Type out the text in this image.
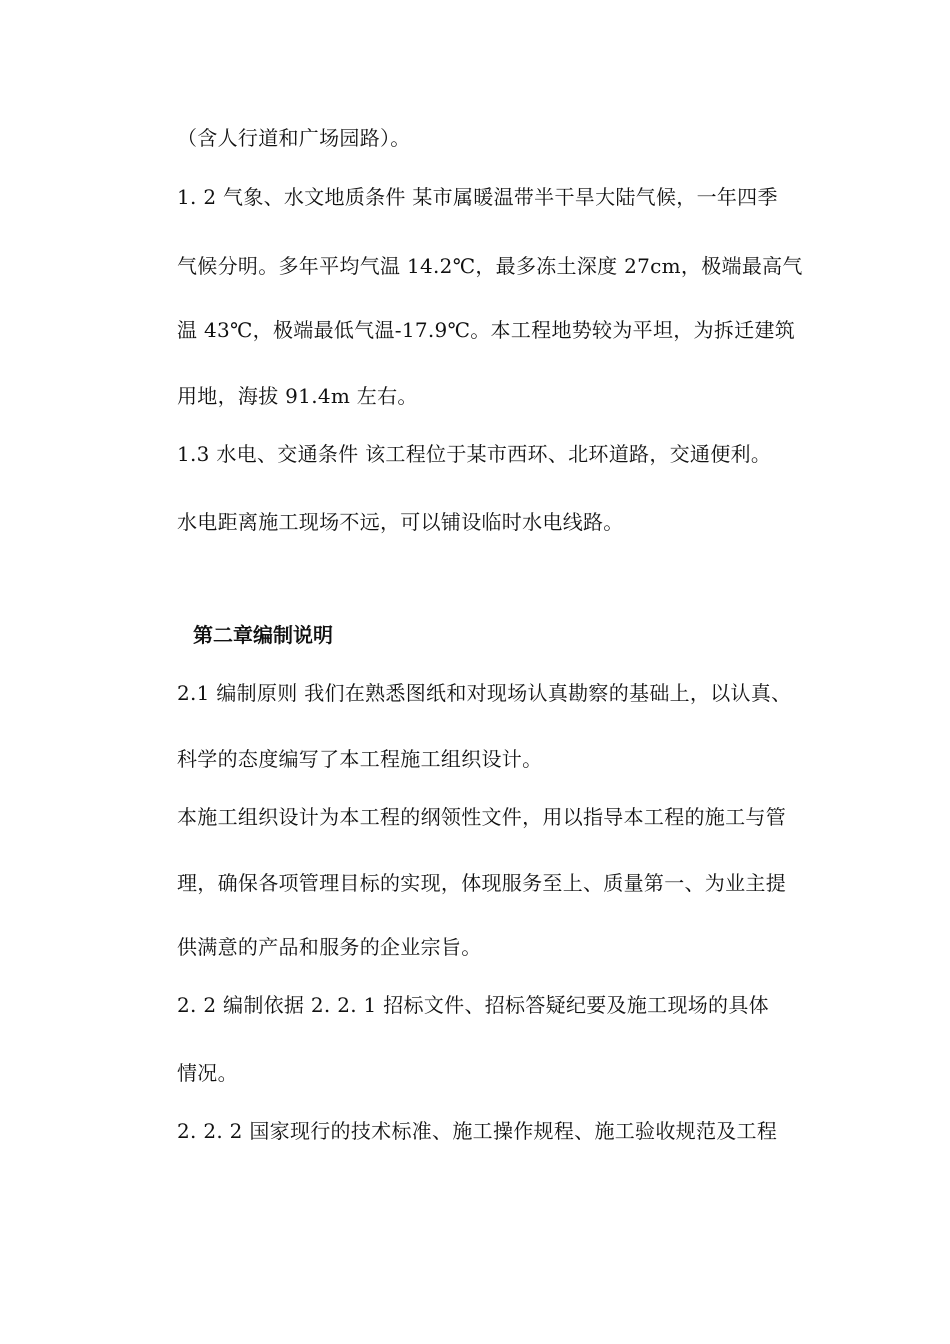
（含人行道和广场园路）。
1. 2 气象、水文地质条件 某市属暖温带半干旱大陆气候，一年四季
气候分明。多年平均气温 14.2℃，最多冻土深度 27cm，极端最高气
温 43℃，极端最低气温-17.9℃。本工程地势较为平坦，为拆迁建筑
用地，海拔 91.4m 左右。
1.3 水电、交通条件 该工程位于某市西环、北环道路，交通便利。
水电距离施工现场不远，可以铺设临时水电线路。
第二章编制说明
2.1 编制原则 我们在熟悉图纸和对现场认真勘察的基础上，以认真、
科学的态度编写了本工程施工组织设计。
本施工组织设计为本工程的纲领性文件，用以指导本工程的施工与管
理，确保各项管理目标的实现，体现服务至上、质量第一、为业主提
供满意的产品和服务的企业宗旨。
2. 2 编制依据 2. 2. 1 招标文件、招标答疑纪要及施工现场的具体
情况。
2. 2. 2 国家现行的技术标准、施工操作规程、施工验收规范及工程
